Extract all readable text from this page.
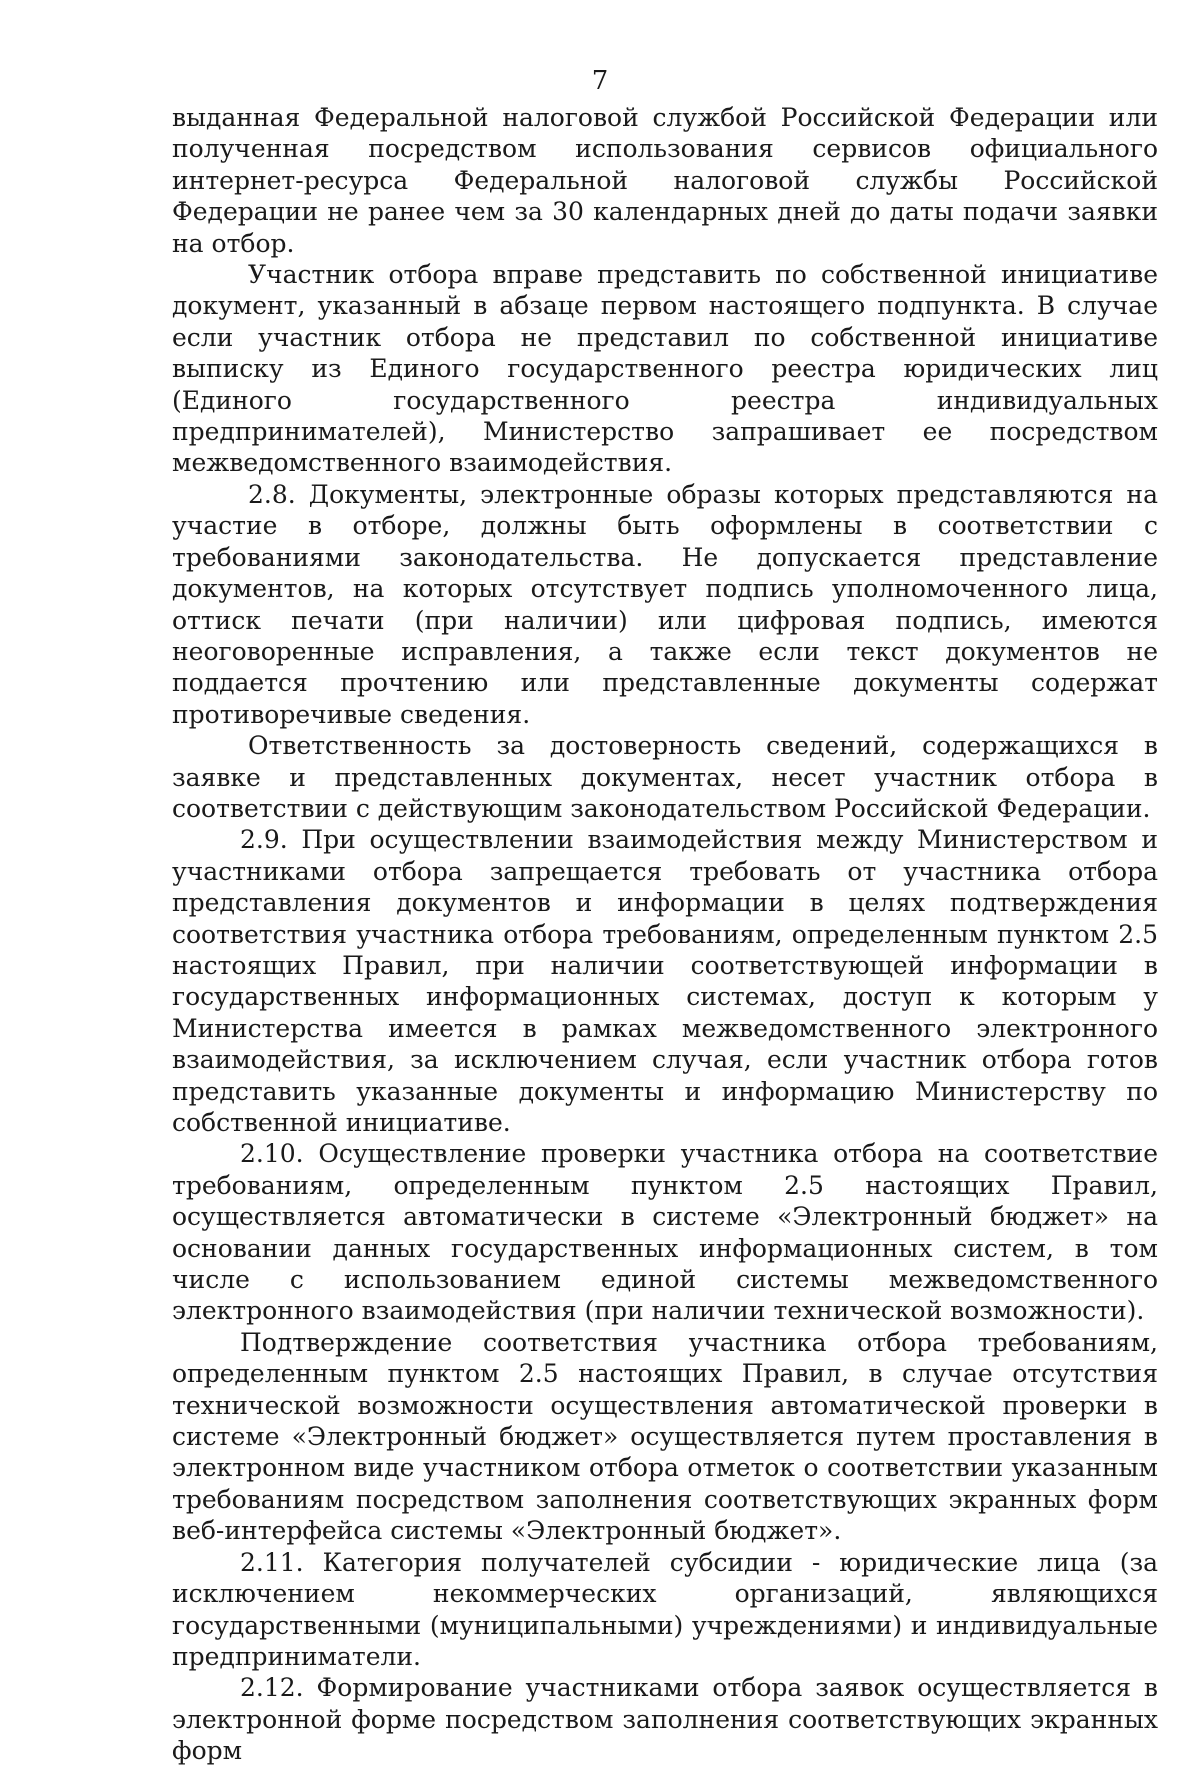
7

выданная Федеральной налоговой службой Российской Федерации или полученная посредством использования сервисов официального интернет-ресурса Федеральной налоговой службы Российской Федерации не ранее чем за 30 календарных дней до даты подачи заявки на отбор.

Участник отбора вправе представить по собственной инициативе документ, указанный в абзаце первом настоящего подпункта. В случае если участник отбора не представил по собственной инициативе выписку из Единого государственного реестра юридических лиц (Единого государственного реестра индивидуальных предпринимателей), Министерство запрашивает ее посредством межведомственного взаимодействия.

2.8. Документы, электронные образы которых представляются на участие в отборе, должны быть оформлены в соответствии с требованиями законодательства. Не допускается представление документов, на которых отсутствует подпись уполномоченного лица, оттиск печати (при наличии) или цифровая подпись, имеются неоговоренные исправления, а также если текст документов не поддается прочтению или представленные документы содержат противоречивые сведения.

Ответственность за достоверность сведений, содержащихся в заявке и представленных документах, несет участник отбора в соответствии с действующим законодательством Российской Федерации.

2.9. При осуществлении взаимодействия между Министерством и участниками отбора запрещается требовать от участника отбора представления документов и информации в целях подтверждения соответствия участника отбора требованиям, определенным пунктом 2.5 настоящих Правил, при наличии соответствующей информации в государственных информационных системах, доступ к которым у Министерства имеется в рамках межведомственного электронного взаимодействия, за исключением случая, если участник отбора готов представить указанные документы и информацию Министерству по собственной инициативе.

2.10. Осуществление проверки участника отбора на соответствие требованиям, определенным пунктом 2.5 настоящих Правил, осуществляется автоматически в системе «Электронный бюджет» на основании данных государственных информационных систем, в том числе с использованием единой системы межведомственного электронного взаимодействия (при наличии технической возможности).

Подтверждение соответствия участника отбора требованиям, определенным пунктом 2.5 настоящих Правил, в случае отсутствия технической возможности осуществления автоматической проверки в системе «Электронный бюджет» осуществляется путем проставления в электронном виде участником отбора отметок о соответствии указанным требованиям посредством заполнения соответствующих экранных форм веб-интерфейса системы «Электронный бюджет».

2.11. Категория получателей субсидии - юридические лица (за исключением некоммерческих организаций, являющихся государственными (муниципальными) учреждениями) и индивидуальные предприниматели.

2.12. Формирование участниками отбора заявок осуществляется в электронной форме посредством заполнения соответствующих экранных форм
